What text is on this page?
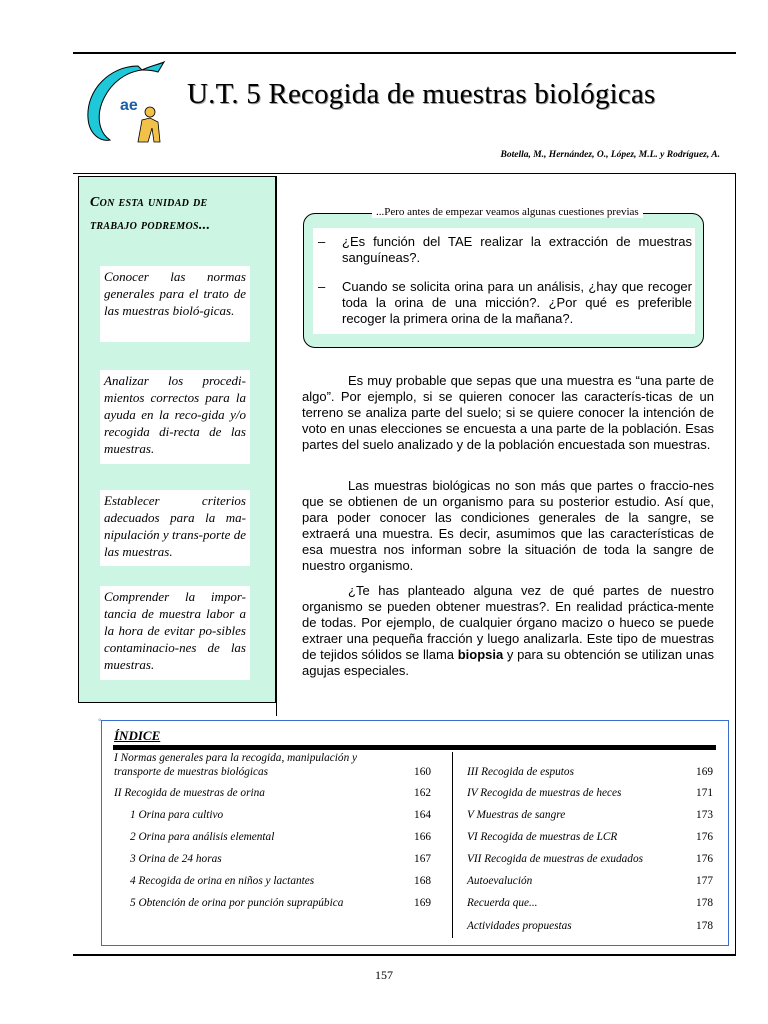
ae U.T. 5 Recogida de muestras biológicas
Botella, M., Hernández, O., López, M.L. y Rodríguez, A.
Con esta unidad de
trabajo podremos...
Conocer las normas generales para el trato de las muestras bioló-gicas.
Analizar los procedi-mientos correctos para la ayuda en la reco-gida y/o recogida di-recta de las muestras.
Establecer criterios adecuados para la ma-nipulación y trans-porte de las muestras.
Comprender la impor-tancia de muestra labor a la hora de evitar po-sibles contaminacio-nes de las muestras.
...Pero antes de empezar veamos algunas cuestiones previas
–	¿Es función del TAE realizar la extracción de muestras sanguíneas?.
–	Cuando se solicita orina para un análisis, ¿hay que recoger toda la orina de una micción?. ¿Por qué es preferible recoger la primera orina de la mañana?.

Es muy probable que sepas que una muestra es “una parte de algo”. Por ejemplo, si se quieren conocer las caracterís-ticas de un terreno se analiza parte del suelo; si se quiere conocer la intención de voto en unas elecciones se encuesta a una parte de la población. Esas partes del suelo analizado y de la población encuestada son muestras.

Las muestras biológicas no son más que partes o fraccio-nes que se obtienen de un organismo para su posterior estudio. Así que, para poder conocer las condiciones generales de la sangre, se extraerá una muestra. Es decir, asumimos que las características de esa muestra nos informan sobre la situación de toda la sangre de nuestro organismo.

¿Te has planteado alguna vez de qué partes de nuestro organismo se pueden obtener muestras?. En realidad práctica-mente de todas. Por ejemplo, de cualquier órgano macizo o hueco se puede extraer una pequeña fracción y luego analizarla. Este tipo de muestras de tejidos sólidos se llama biopsia y para su obtención se utilizan unas agujas especiales.

◦
ÍNDICE
I Normas generales para la recogida, manipulación y
transporte de muestras biológicas	160
II Recogida de muestras de orina	162
1 Orina para cultivo	164
2 Orina para análisis elemental	166
3 Orina de 24 horas	167
4 Recogida de orina en niños y lactantes	168
5 Obtención de orina por punción suprapúbica	169
III Recogida de esputos	169
IV Recogida de muestras de heces	171
V Muestras de sangre	173
VI Recogida de muestras de LCR	176
VII Recogida de muestras de exudados	176
Autoevalución	177
Recuerda que...	178
Actividades propuestas	178
157
